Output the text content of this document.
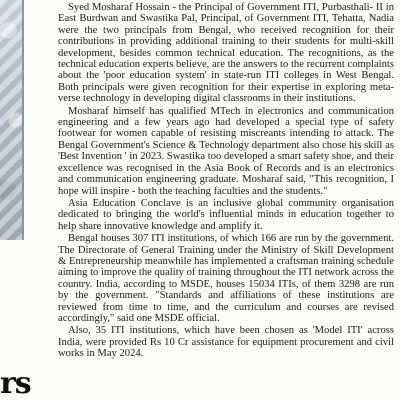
rs

Syed Mosharaf Hossain - the Principal of Government ITI, Purbasthali- II in East Burdwan and Swastika Pal, Principal, of Government ITI, Tehatta, Nadia were the two principals from Bengal, who received recognition for their contributions in providing additional training to their students for multi-skill development, besides common technical education. The recognitions, as the technical education experts believe, are the answers to the recurrent complaints about the 'poor education system' in state-run ITI colleges in West Bengal. Both principals were given recognition for their expertise in exploring meta-verse technology in developing digital classrooms in their institutions.

Mosharaf himself has qualified MTech in electronics and communication engineering and a few years ago had developed a special type of safety footwear for women capable of resisting miscreants intending to attack. The Bengal Government's Science & Technology department also chose his skill as 'Best Invention ' in 2023. Swastika too developed a smart safety shoe, and their excellence was recognised in the Asia Book of Records and is an electronics and communication engineering graduate. Mosharaf said, "This recognition, I hope will inspire - both the teaching faculties and the students."

Asia Education Conclave is an inclusive global community organisation dedicated to bringing the world's influential minds in education together to help share innovative knowledge and amplify it.

Bengal houses 307 ITI institutions, of which 166 are run by the government. The Directorate of General Training under the Ministry of Skill Development & Entrepreneurship meanwhile has implemented a craftsman training schedule aiming to improve the quality of training throughout the ITI network across the country. India, according to MSDE, houses 15034 ITIs, of them 3298 are run by the government. "Standards and affiliations of these institutions are reviewed from time to time, and the curriculum and courses are revised accordingly," said one MSDE official.

Also, 35 ITI institutions, which have been chosen as 'Model ITI' across India, were provided Rs 10 Cr assistance for equipment procurement and civil works in May 2024.
